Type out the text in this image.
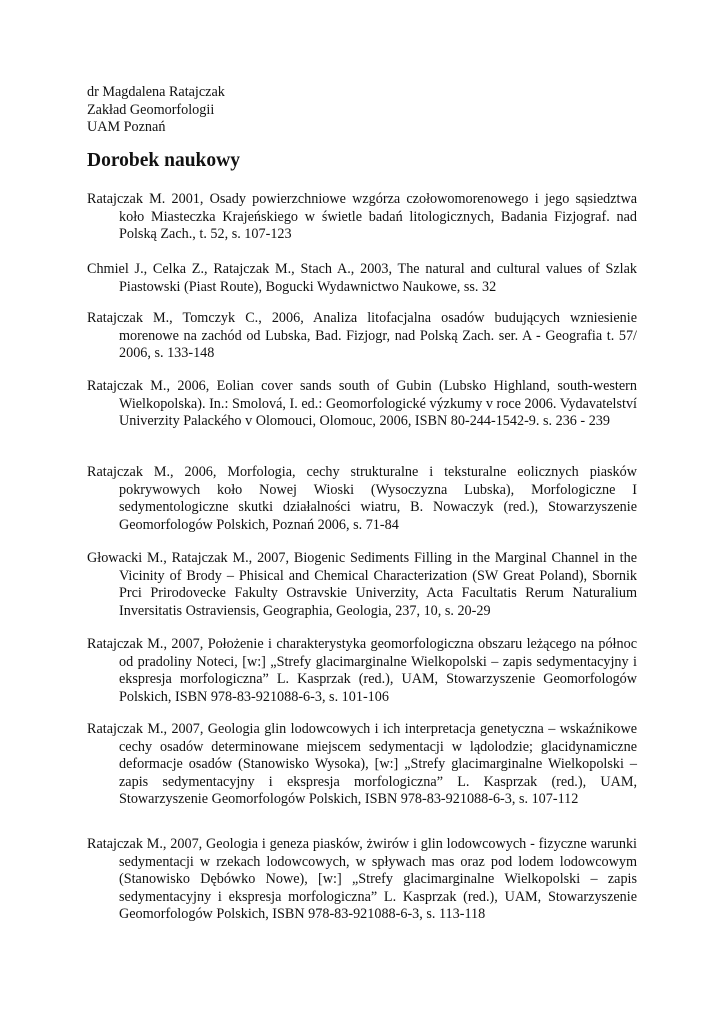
dr Magdalena Ratajczak
Zakład Geomorfologii
UAM Poznań
Dorobek naukowy
Ratajczak M. 2001, Osady powierzchniowe wzgórza czołowomorenowego i jego sąsiedztwa koło Miasteczka Krajeńskiego w świetle badań litologicznych, Badania Fizjograf. nad Polską Zach., t. 52, s. 107-123
Chmiel J., Celka Z., Ratajczak M., Stach A., 2003, The natural and cultural values of Szlak Piastowski (Piast Route), Bogucki Wydawnictwo Naukowe, ss. 32
Ratajczak M., Tomczyk C., 2006, Analiza litofacjalna osadów budujących wzniesienie morenowe na zachód od Lubska, Bad. Fizjogr, nad Polską Zach. ser. A - Geografia t. 57/ 2006, s. 133-148
Ratajczak M., 2006, Eolian cover sands south of Gubin (Lubsko Highland, south-western Wielkopolska). In.: Smolová, I. ed.: Geomorfologické výzkumy v roce 2006. Vydavatelství Univerzity Palackého v Olomouci, Olomouc, 2006, ISBN 80-244-1542-9. s. 236 - 239
Ratajczak M., 2006, Morfologia, cechy strukturalne i teksturalne eolicznych piasków pokrywowych koło Nowej Wioski (Wysoczyzna Lubska), Morfologiczne I sedymentologiczne skutki działalności wiatru, B. Nowaczyk (red.), Stowarzyszenie Geomorfologów Polskich, Poznań 2006, s. 71-84
Głowacki M., Ratajczak M., 2007, Biogenic Sediments Filling in the Marginal Channel in the Vicinity of Brody – Phisical and Chemical Characterization (SW Great Poland), Sbornik Prci Prirodovecke Fakulty Ostravskie Univerzity, Acta Facultatis Rerum Naturalium Inversitatis Ostraviensis, Geographia, Geologia, 237, 10, s. 20-29
Ratajczak M., 2007, Położenie i charakterystyka geomorfologiczna obszaru leżącego na północ od pradoliny Noteci, [w:] „Strefy glacimarginalne Wielkopolski – zapis sedymentacyjny i ekspresja morfologiczna” L. Kasprzak (red.), UAM, Stowarzyszenie Geomorfologów Polskich, ISBN 978-83-921088-6-3, s. 101-106
Ratajczak M., 2007, Geologia glin lodowcowych i ich interpretacja genetyczna – wskaźnikowe cechy osadów determinowane miejscem sedymentacji w lądolodzie; glacidynamiczne deformacje osadów (Stanowisko Wysoka), [w:] „Strefy glacimarginalne Wielkopolski – zapis sedymentacyjny i ekspresja morfologiczna” L. Kasprzak (red.), UAM, Stowarzyszenie Geomorfologów Polskich, ISBN 978-83-921088-6-3, s. 107-112
Ratajczak M., 2007, Geologia i geneza piasków, żwirów i glin lodowcowych - fizyczne warunki sedymentacji w rzekach lodowcowych, w spływach mas oraz pod lodem lodowcowym (Stanowisko Dębówko Nowe), [w:] „Strefy glacimarginalne Wielkopolski – zapis sedymentacyjny i ekspresja morfologiczna” L. Kasprzak (red.), UAM, Stowarzyszenie Geomorfologów Polskich, ISBN 978-83-921088-6-3, s. 113-118
